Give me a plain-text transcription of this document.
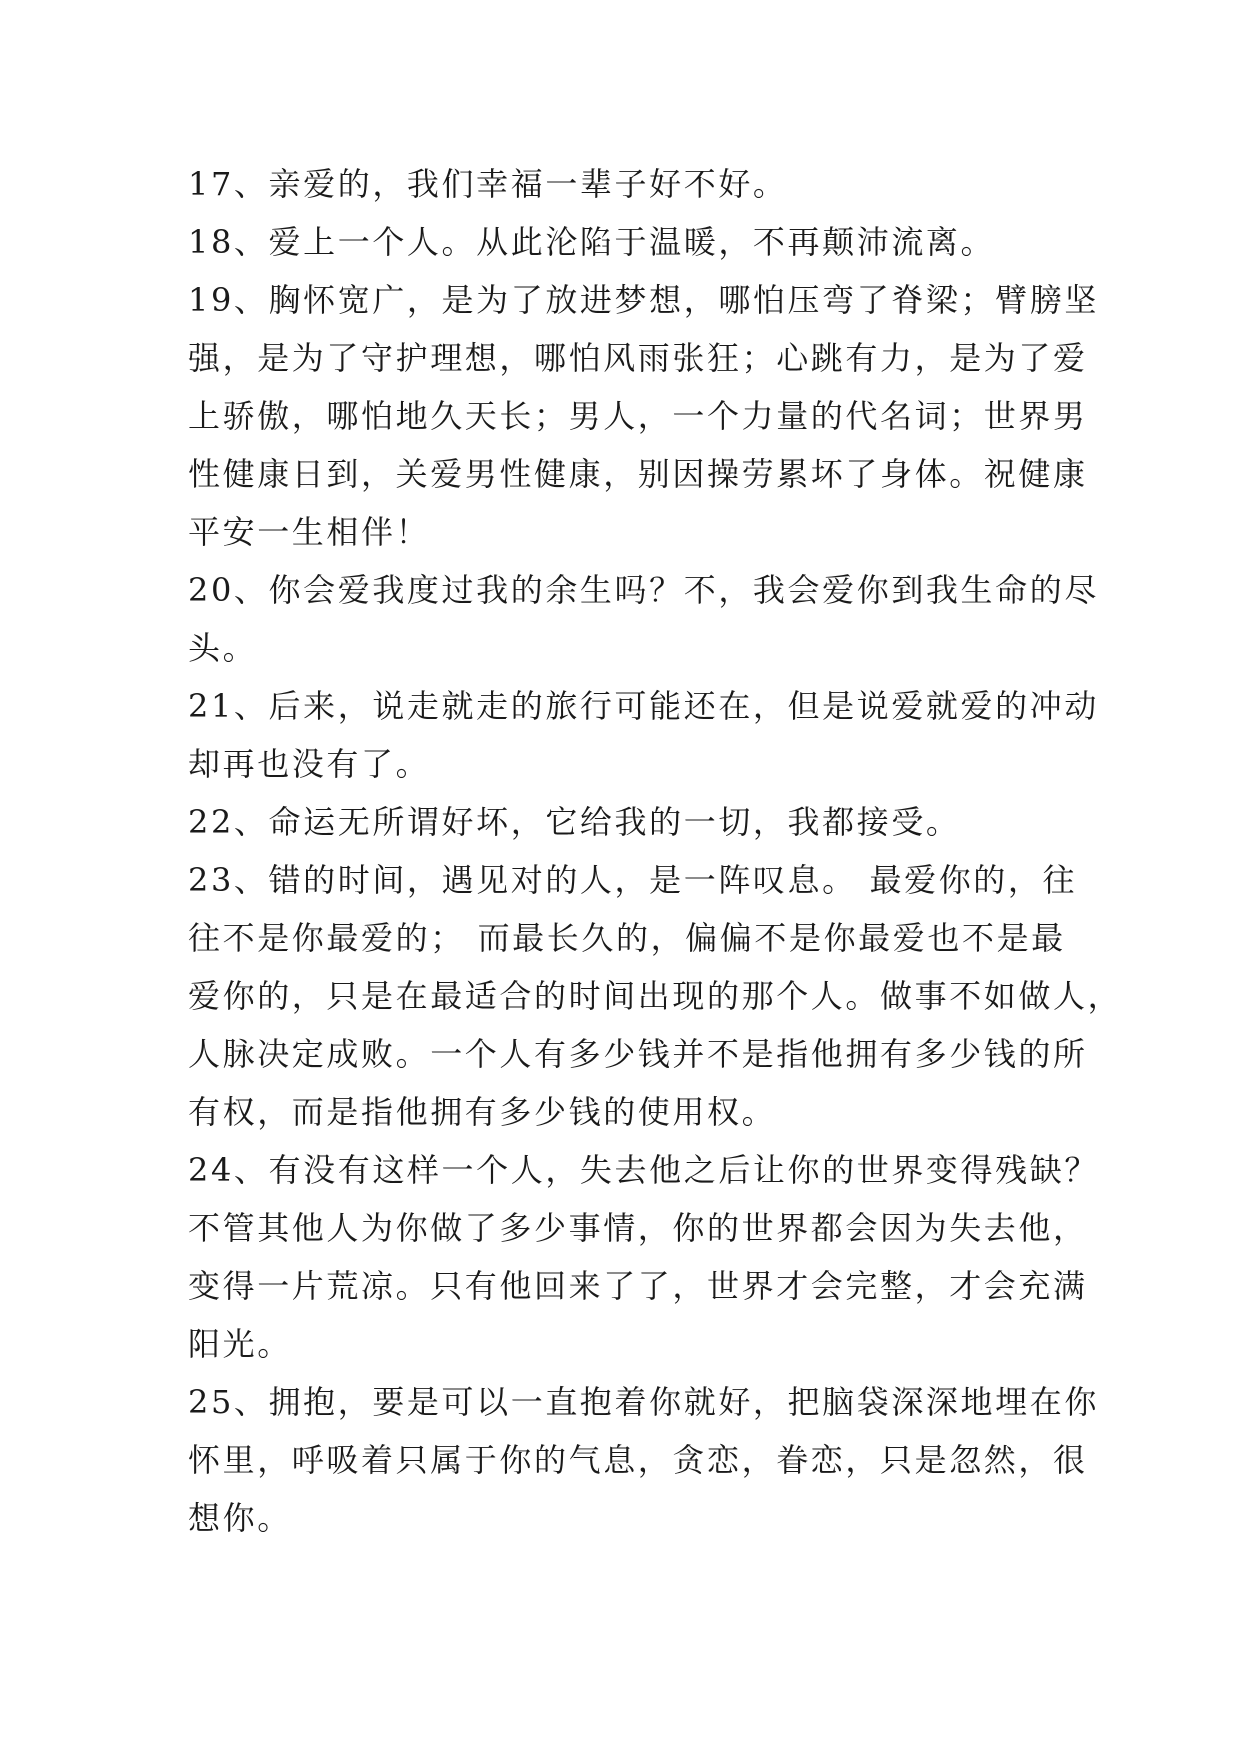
17、亲爱的，我们幸福一辈子好不好。
18、爱上一个人。从此沦陷于温暖，不再颠沛流离。
19、胸怀宽广，是为了放进梦想，哪怕压弯了脊梁；臂膀坚
强，是为了守护理想，哪怕风雨张狂；心跳有力，是为了爱
上骄傲，哪怕地久天长；男人，一个力量的代名词；世界男
性健康日到，关爱男性健康，别因操劳累坏了身体。祝健康
平安一生相伴！
20、你会爱我度过我的余生吗？不，我会爱你到我生命的尽
头。
21、后来，说走就走的旅行可能还在，但是说爱就爱的冲动
却再也没有了。
22、命运无所谓好坏，它给我的一切，我都接受。
23、错的时间，遇见对的人，是一阵叹息。 最爱你的，往
往不是你最爱的； 而最长久的，偏偏不是你最爱也不是最
爱你的，只是在最适合的时间出现的那个人。做事不如做人，
人脉决定成败。一个人有多少钱并不是指他拥有多少钱的所
有权，而是指他拥有多少钱的使用权。
24、有没有这样一个人，失去他之后让你的世界变得残缺？
不管其他人为你做了多少事情，你的世界都会因为失去他，
变得一片荒凉。只有他回来了了，世界才会完整，才会充满
阳光。
25、拥抱，要是可以一直抱着你就好，把脑袋深深地埋在你
怀里，呼吸着只属于你的气息，贪恋，眷恋，只是忽然，很
想你。
